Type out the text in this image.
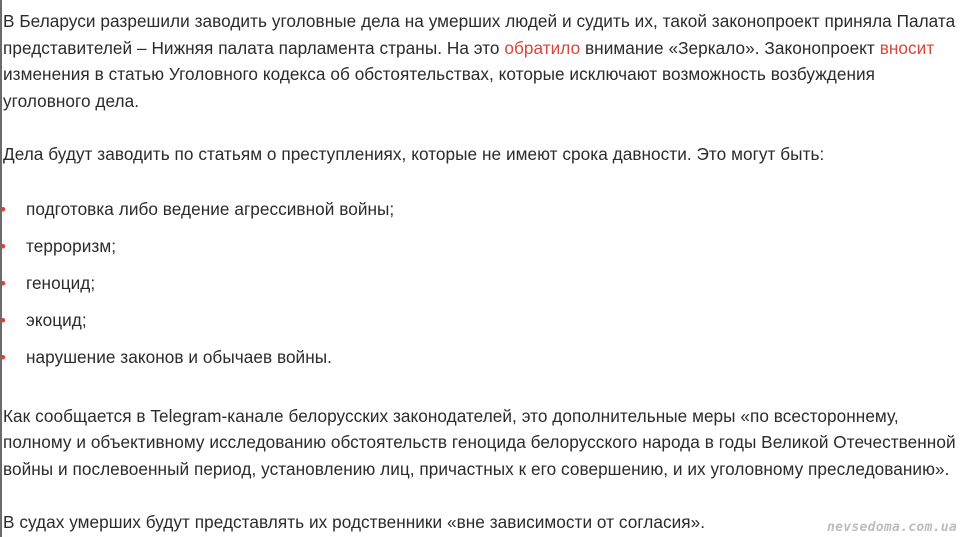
В Беларуси разрешили заводить уголовные дела на умерших людей и судить их, такой законопроект приняла Палата представителей – Нижняя палата парламента страны. На это обратило внимание «Зеркало». Законопроект вносит изменения в статью Уголовного кодекса об обстоятельствах, которые исключают возможность возбуждения уголовного дела.

Дела будут заводить по статьям о преступлениях, которые не имеют срока давности. Это могут быть:

• подготовка либо ведение агрессивной войны;
• терроризм;
• геноцид;
• экоцид;
• нарушение законов и обычаев войны.

Как сообщается в Telegram-канале белорусских законодателей, это дополнительные меры «по всестороннему, полному и объективному исследованию обстоятельств геноцида белорусского народа в годы Великой Отечественной войны и послевоенный период, установлению лиц, причастных к его совершению, и их уголовному преследованию».

В судах умерших будут представлять их родственники «вне зависимости от согласия».	nevsedoma.com.ua
